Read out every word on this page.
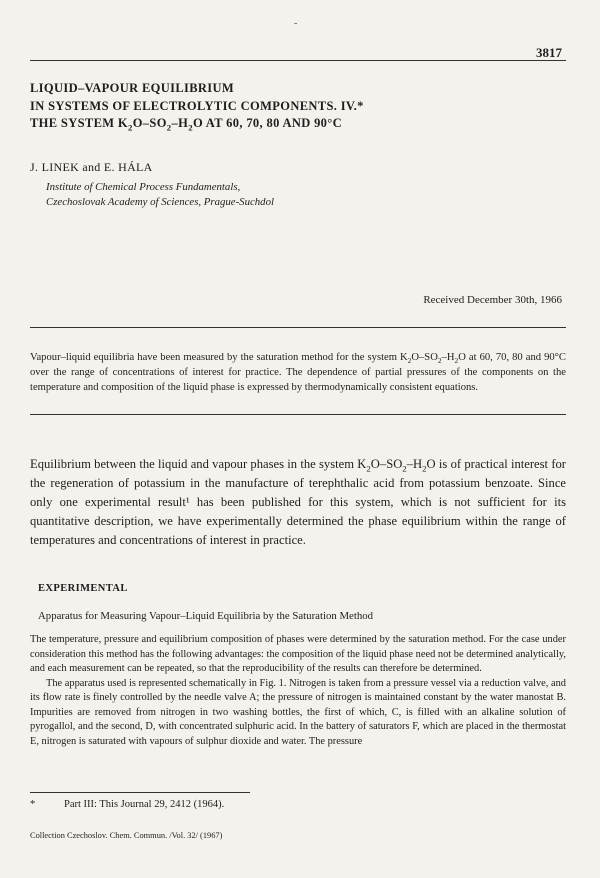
-
3817
LIQUID–VAPOUR EQUILIBRIUM
IN SYSTEMS OF ELECTROLYTIC COMPONENTS. IV.*
THE SYSTEM $K_2O-SO_2-H_2O$ AT 60, 70, 80 AND 90°C
J. LINEK and E. HÁLA
Institute of Chemical Process Fundamentals,
Czechoslovak Academy of Sciences, Prague-Suchdol
Received December 30th, 1966
Vapour–liquid equilibria have been measured by the saturation method for the system $K_2O-SO_2-H_2O$ at 60, 70, 80 and 90°C over the range of concentrations of interest for practice. The dependence of partial pressures of the components on the temperature and composition of the liquid phase is expressed by thermodynamically consistent equations.
Equilibrium between the liquid and vapour phases in the system $K_2O-SO_2-H_2O$ is of practical interest for the regeneration of potassium in the manufacture of terephthalic acid from potassium benzoate. Since only one experimental result¹ has been published for this system, which is not sufficient for its quantitative description, we have experimentally determined the phase equilibrium within the range of temperatures and concentrations of interest in practice.
EXPERIMENTAL
Apparatus for Measuring Vapour–Liquid Equilibria by the Saturation Method

The temperature, pressure and equilibrium composition of phases were determined by the saturation method. For the case under consideration this method has the following advantages: the composition of the liquid phase need not be determined analytically, and each measurement can be repeated, so that the reproducibility of the results can therefore be determined.

The apparatus used is represented schematically in Fig. 1. Nitrogen is taken from a pressure vessel via a reduction valve, and its flow rate is finely controlled by the needle valve A; the pressure of nitrogen is maintained constant by the water manostat B. Impurities are removed from nitrogen in two washing bottles, the first of which, C, is filled with an alkaline solution of pyrogallol, and the second, D, with concentrated sulphuric acid. In the battery of saturators F, which are placed in the thermostat E, nitrogen is saturated with vapours of sulphur dioxide and water. The pressure

*	Part III: This Journal 29, 2412 (1964).
Collection Czechoslov. Chem. Commun. /Vol. 32/ (1967)
